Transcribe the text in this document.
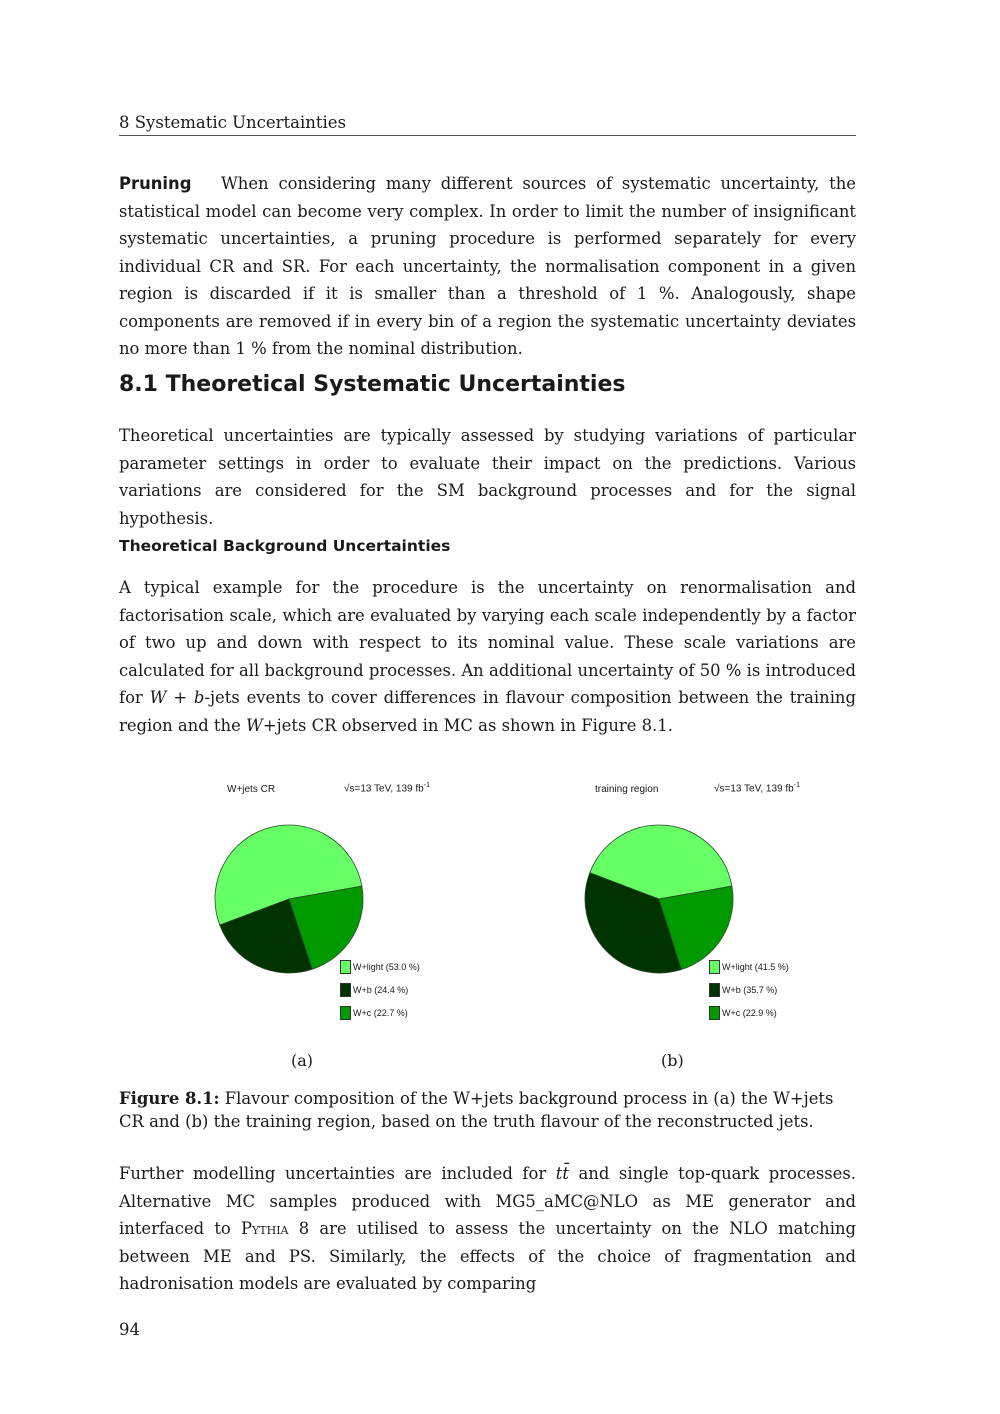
8 Systematic Uncertainties
Pruning When considering many different sources of systematic uncertainty, the statistical model can become very complex. In order to limit the number of insignificant systematic uncertainties, a pruning procedure is performed separately for every individual CR and SR. For each uncertainty, the normalisation component in a given region is discarded if it is smaller than a threshold of 1 %. Analogously, shape components are removed if in every bin of a region the systematic uncertainty deviates no more than 1 % from the nominal distribution.
8.1 Theoretical Systematic Uncertainties
Theoretical uncertainties are typically assessed by studying variations of particular parameter settings in order to evaluate their impact on the predictions. Various variations are considered for the SM background processes and for the signal hypothesis.
Theoretical Background Uncertainties
A typical example for the procedure is the uncertainty on renormalisation and factorisation scale, which are evaluated by varying each scale independently by a factor of two up and down with respect to its nominal value. These scale variations are calculated for all background processes. An additional uncertainty of 50 % is introduced for W + b-jets events to cover differences in flavour composition between the training region and the W+jets CR observed in MC as shown in Figure 8.1.
Figure 8.1: Flavour composition of the W+jets background process in (a) the W+jets CR and (b) the training region, based on the truth flavour of the reconstructed jets.
Further modelling uncertainties are included for tt̄ and single top-quark processes. Alternative MC samples produced with MG5_aMC@NLO as ME generator and interfaced to Pythia 8 are utilised to assess the uncertainty on the NLO matching between ME and PS. Similarly, the effects of the choice of fragmentation and hadronisation models are evaluated by comparing
94
W+jets CR	√s=13 TeV, 139 $fb^{-1}$
W+light (53.0 %)
W+b (24.4 %)
W+c (22.7 %)
(a)
training region	√s=13 TeV, 139 $fb^{-1}$
W+light (41.5 %)
W+b (35.7 %)
W+c (22.9 %)
(b)
